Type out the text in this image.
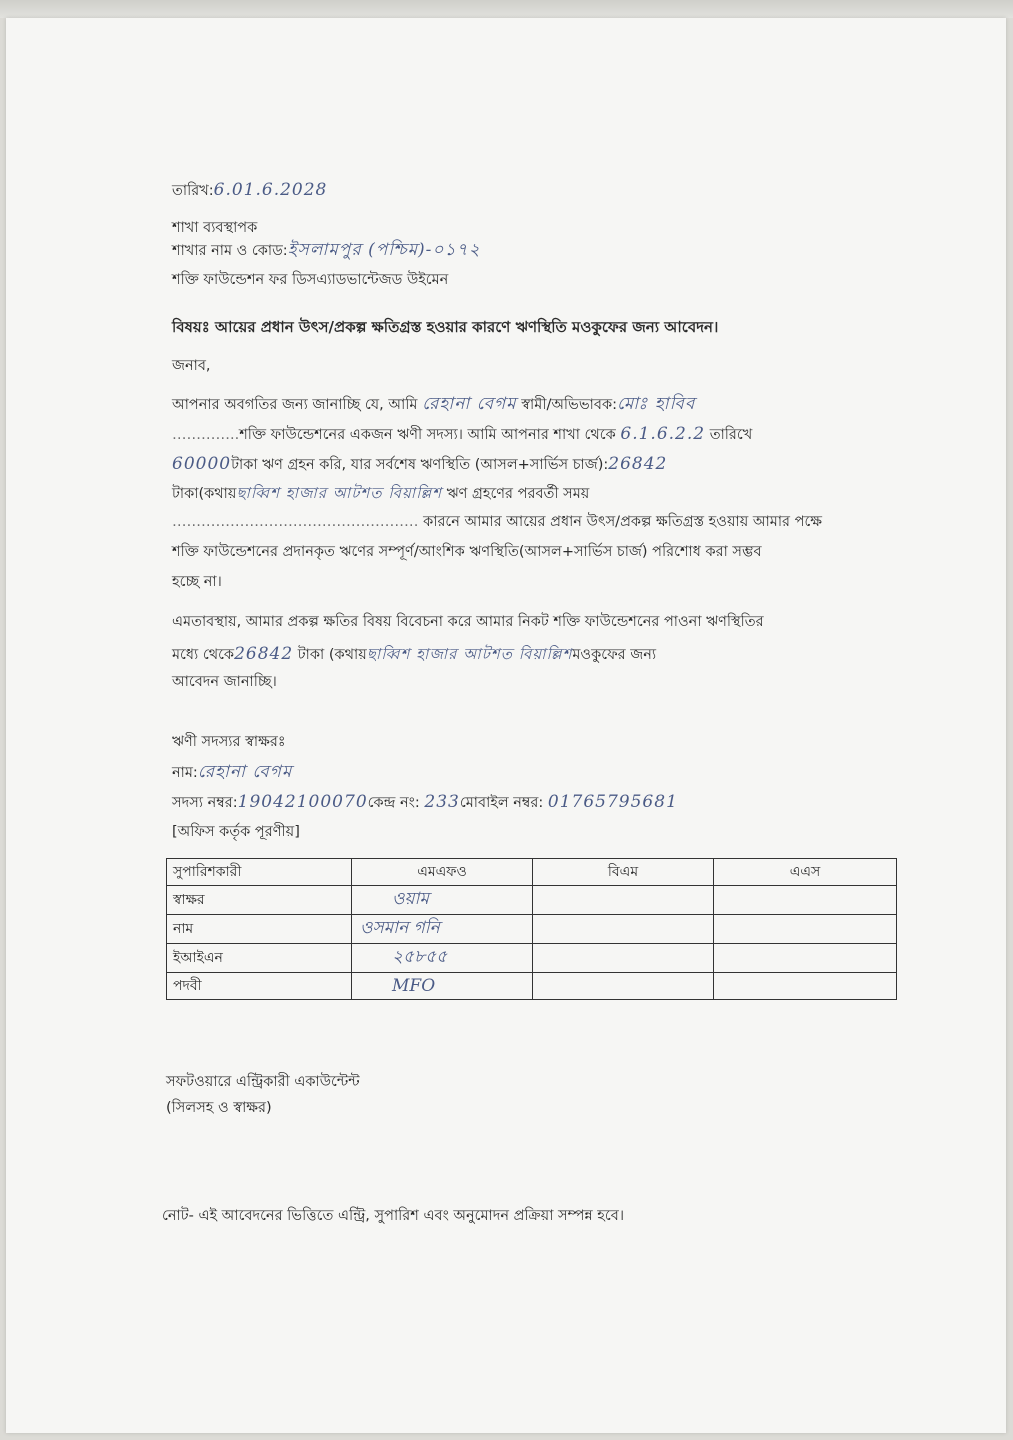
তারিখ:6.01.6.2028
শাখা ব্যবস্থাপক
শাখার নাম ও কোড:ইসলামপুর (পশ্চিম)-০১৭২
শক্তি ফাউন্ডেশন ফর ডিসএ্যাডভান্টেজড উইমেন
বিষয়ঃ আয়ের প্রধান উৎস/প্রকল্প ক্ষতিগ্রস্ত হওয়ার কারণে ঋণস্থিতি মওকুফের জন্য আবেদন।
জনাব,
আপনার অবগতির জন্য জানাচ্ছি যে, আমি রেহানা বেগম স্বামী/অভিভাবক:মোঃ হাবিব
…………..শক্তি ফাউন্ডেশনের একজন ঋণী সদস্য। আমি আপনার শাখা থেকে 6.1.6.2.2 তারিখে
60000টাকা ঋণ গ্রহন করি, যার সর্বশেষ ঋণস্থিতি (আসল+সার্ভিস চার্জ):26842
টাকা(কথায়ছাব্বিশ হাজার আটশত বিয়াল্লিশ ঋণ গ্রহণের পরবর্তী সময়
…………………………………………… কারনে আমার আয়ের প্রধান উৎস/প্রকল্প ক্ষতিগ্রস্ত হওয়ায় আমার পক্ষে
শক্তি ফাউন্ডেশনের প্রদানকৃত ঋণের সম্পূর্ণ/আংশিক ঋণস্থিতি(আসল+সার্ভিস চার্জ) পরিশোধ করা সম্ভব
হচ্ছে না।
এমতাবস্থায়, আমার প্রকল্প ক্ষতির বিষয় বিবেচনা করে আমার নিকট শক্তি ফাউন্ডেশনের পাওনা ঋণস্থিতির
মধ্যে থেকে26842 টাকা (কথায়ছাব্বিশ হাজার আটশত বিয়াল্লিশমওকুফের জন্য
আবেদন জানাচ্ছি।
ঋণী সদস্যর স্বাক্ষরঃ
নাম:রেহানা বেগম
সদস্য নম্বর:19042100070কেন্দ্র নং: 233মোবাইল নম্বর: 01765795681
[অফিস কর্তৃক পূরণীয়]
সুপারিশকারী	এমএফও	বিএম	এএস
স্বাক্ষর	ওয়াম		
নাম	ওসমান গনি		
ইআইএন	২৫৮৫৫		
পদবী	MFO		
সফটওয়ারে এন্ট্রিকারী একাউন্টেন্ট
(সিলসহ ও স্বাক্ষর)
নোট- এই আবেদনের ভিত্তিতে এন্ট্রি, সুপারিশ এবং অনুমোদন প্রক্রিয়া সম্পন্ন হবে।
